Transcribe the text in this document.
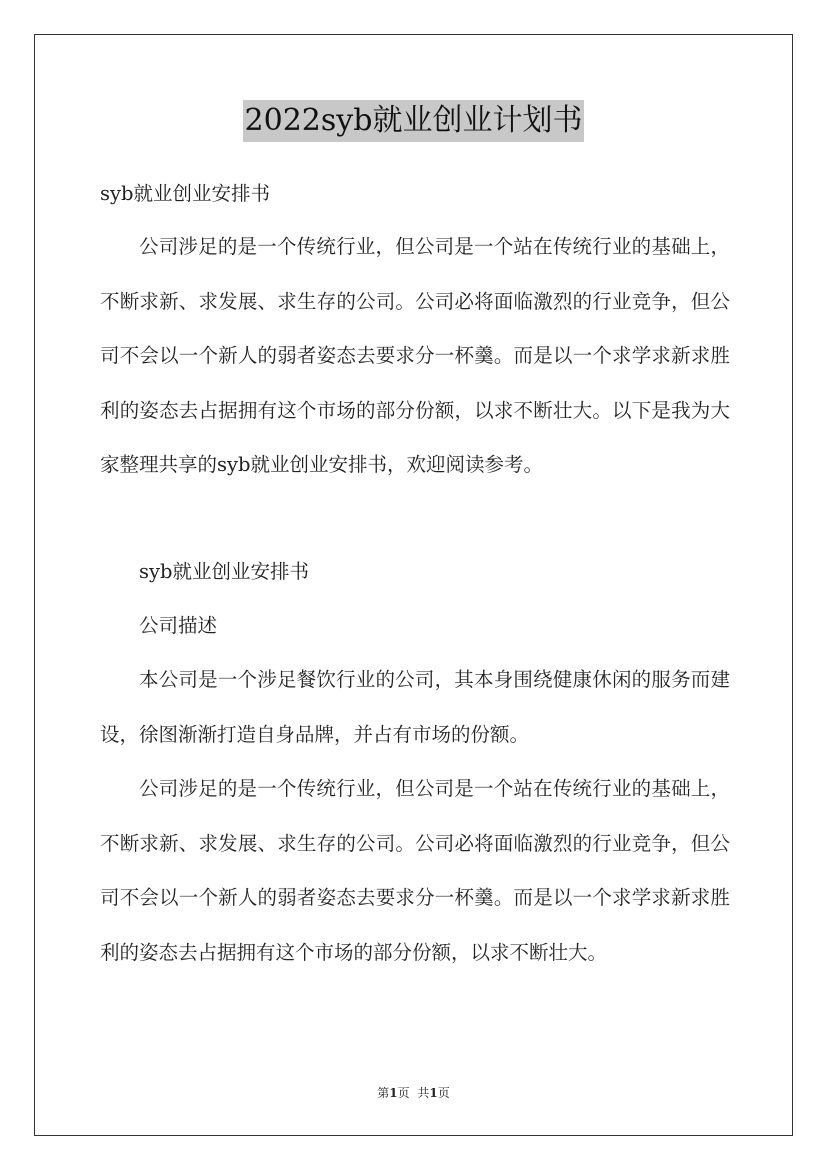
2022syb就业创业计划书
syb就业创业安排书

公司涉足的是一个传统行业，但公司是一个站在传统行业的基础上，不断求新、求发展、求生存的公司。公司必将面临激烈的行业竞争，但公司不会以一个新人的弱者姿态去要求分一杯羹。而是以一个求学求新求胜利的姿态去占据拥有这个市场的部分份额，以求不断壮大。以下是我为大家整理共享的syb就业创业安排书，欢迎阅读参考。

syb就业创业安排书
公司描述

本公司是一个涉足餐饮行业的公司，其本身围绕健康休闲的服务而建设，徐图渐渐打造自身品牌，并占有市场的份额。

公司涉足的是一个传统行业，但公司是一个站在传统行业的基础上，不断求新、求发展、求生存的公司。公司必将面临激烈的行业竞争，但公司不会以一个新人的弱者姿态去要求分一杯羹。而是以一个求学求新求胜利的姿态去占据拥有这个市场的部分份额，以求不断壮大。

第1页 共1页
